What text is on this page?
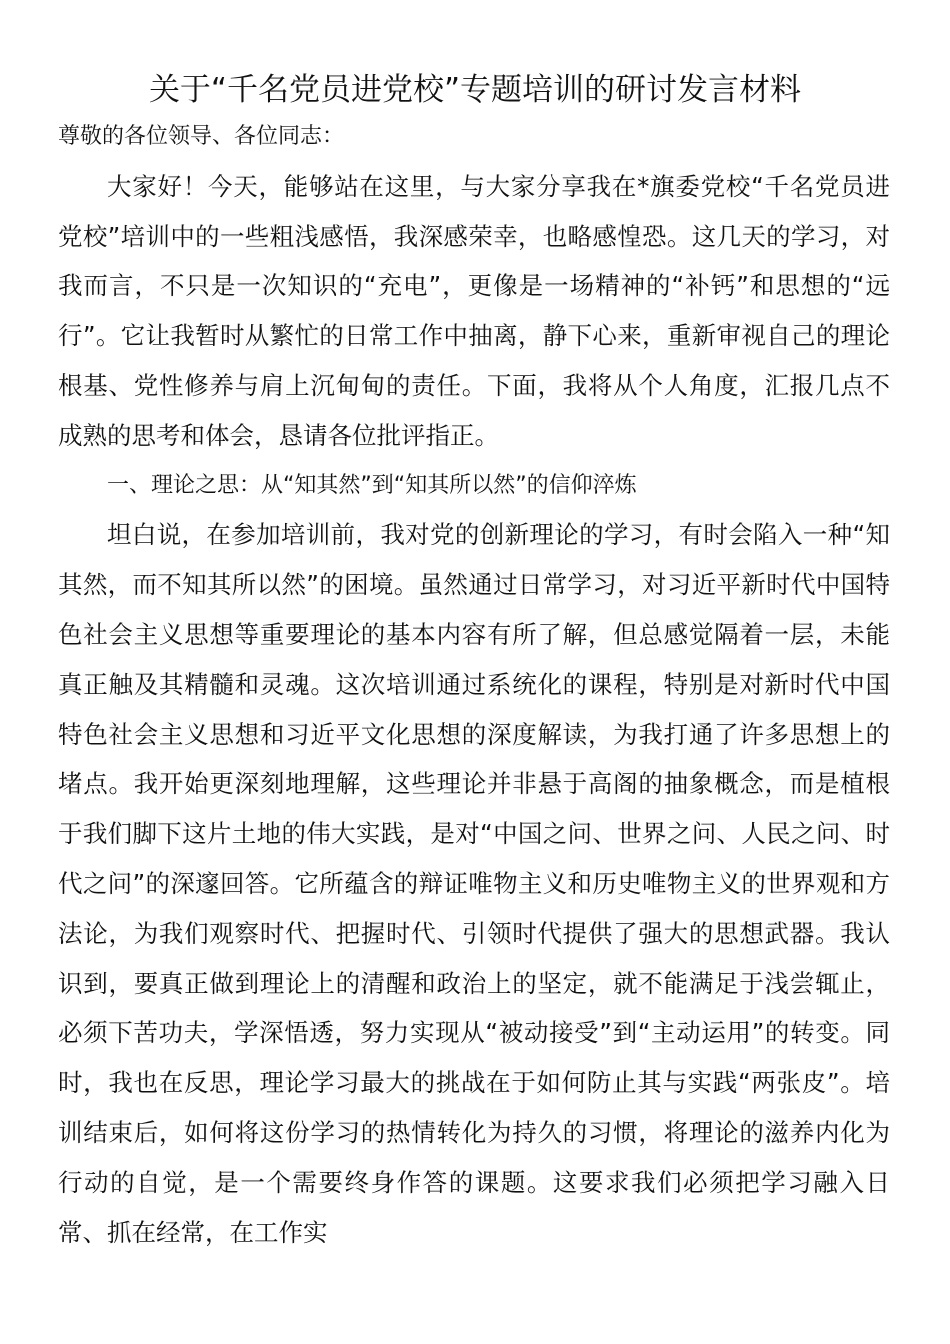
关于“千名党员进党校”专题培训的研讨发言材料

尊敬的各位领导、各位同志：

大家好！今天，能够站在这里，与大家分享我在*旗委党校“千名党员进党校”培训中的一些粗浅感悟，我深感荣幸，也略感惶恐。这几天的学习，对我而言，不只是一次知识的“充电”，更像是一场精神的“补钙”和思想的“远行”。它让我暂时从繁忙的日常工作中抽离，静下心来，重新审视自己的理论根基、党性修养与肩上沉甸甸的责任。下面，我将从个人角度，汇报几点不成熟的思考和体会，恳请各位批评指正。

一、理论之思：从“知其然”到“知其所以然”的信仰淬炼

坦白说，在参加培训前，我对党的创新理论的学习，有时会陷入一种“知其然，而不知其所以然”的困境。虽然通过日常学习，对习近平新时代中国特色社会主义思想等重要理论的基本内容有所了解，但总感觉隔着一层，未能真正触及其精髓和灵魂。这次培训通过系统化的课程，特别是对新时代中国特色社会主义思想和习近平文化思想的深度解读，为我打通了许多思想上的堵点。我开始更深刻地理解，这些理论并非悬于高阁的抽象概念，而是植根于我们脚下这片土地的伟大实践，是对“中国之问、世界之问、人民之问、时代之问”的深邃回答。它所蕴含的辩证唯物主义和历史唯物主义的世界观和方法论，为我们观察时代、把握时代、引领时代提供了强大的思想武器。我认识到，要真正做到理论上的清醒和政治上的坚定，就不能满足于浅尝辄止，必须下苦功夫，学深悟透，努力实现从“被动接受”到“主动运用”的转变。同时，我也在反思，理论学习最大的挑战在于如何防止其与实践“两张皮”。培训结束后，如何将这份学习的热情转化为持久的习惯，将理论的滋养内化为行动的自觉，是一个需要终身作答的课题。这要求我们必须把学习融入日常、抓在经常，在工作实
